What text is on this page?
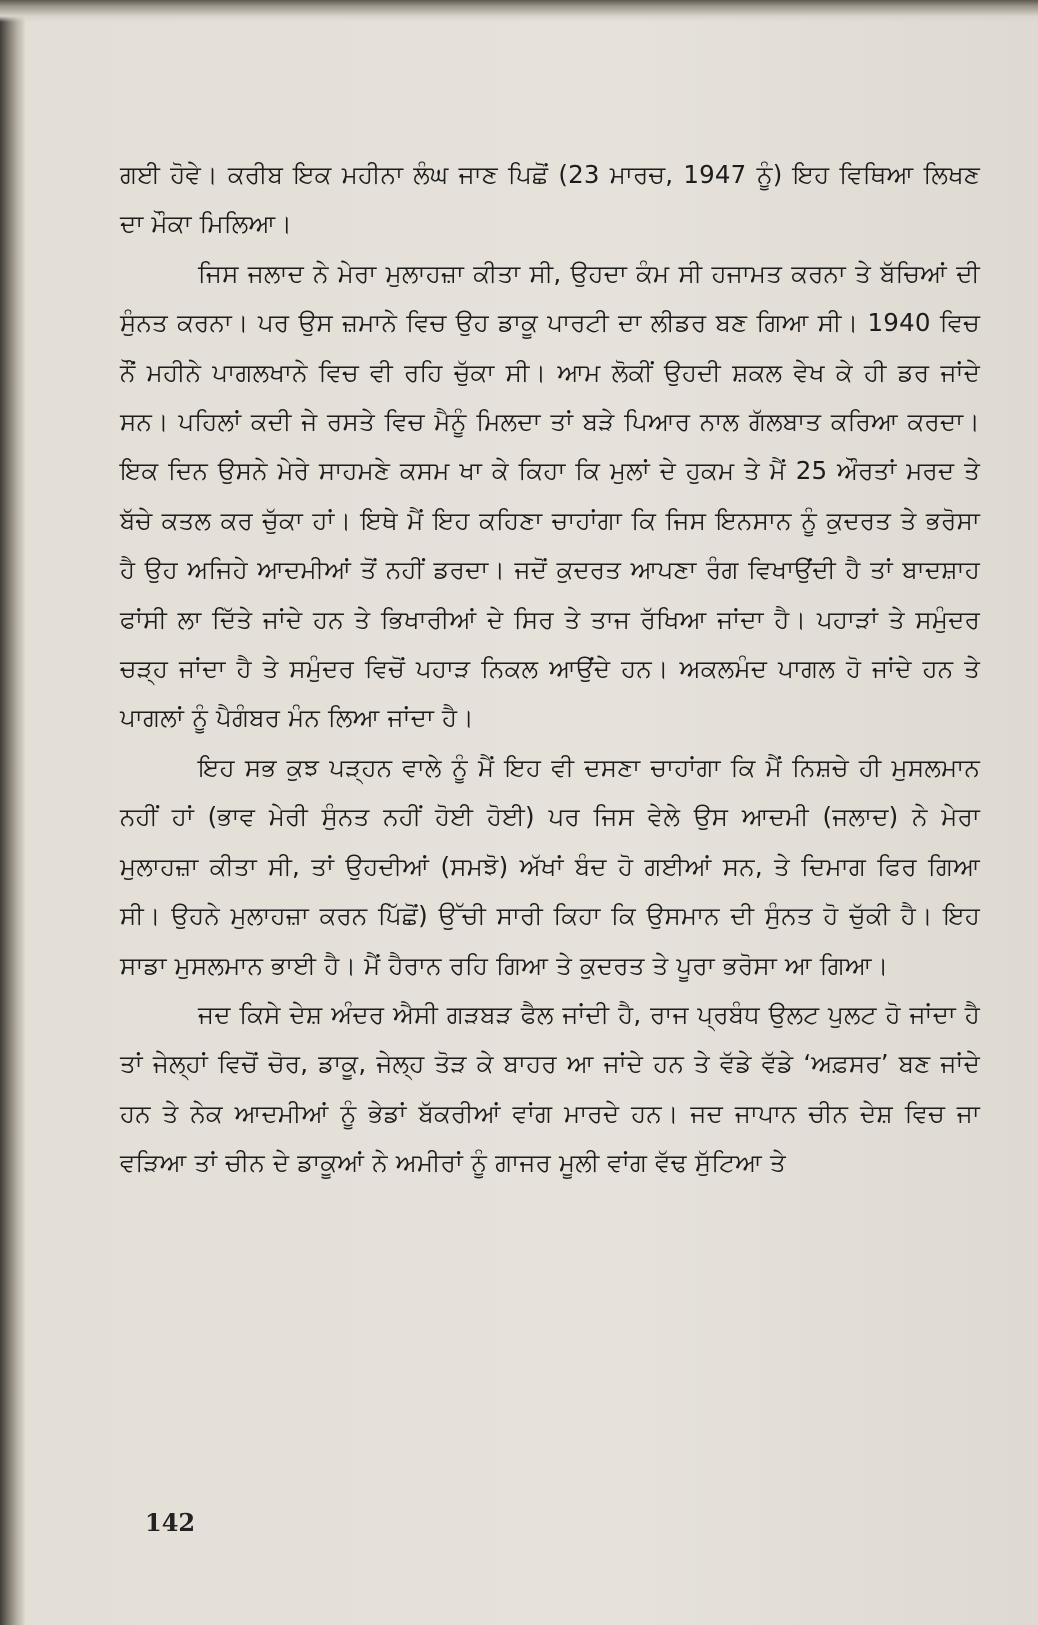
ਗਈ ਹੋਵੇ। ਕਰੀਬ ਇਕ ਮਹੀਨਾ ਲੰਘ ਜਾਣ ਪਿਛੋਂ (23 ਮਾਰਚ, 1947 ਨੂੰ) ਇਹ ਵਿਥਿਆ ਲਿਖਣ ਦਾ ਮੌਕਾ ਮਿਲਿਆ।

ਜਿਸ ਜਲਾਦ ਨੇ ਮੇਰਾ ਮੁਲਾਹਜ਼ਾ ਕੀਤਾ ਸੀ, ਉਹਦਾ ਕੰਮ ਸੀ ਹਜਾਮਤ ਕਰਨਾ ਤੇ ਬੱਚਿਆਂ ਦੀ ਸੁੰਨਤ ਕਰਨਾ। ਪਰ ਉਸ ਜ਼ਮਾਨੇ ਵਿਚ ਉਹ ਡਾਕੂ ਪਾਰਟੀ ਦਾ ਲੀਡਰ ਬਣ ਗਿਆ ਸੀ। 1940 ਵਿਚ ਨੌਂ ਮਹੀਨੇ ਪਾਗਲਖਾਨੇ ਵਿਚ ਵੀ ਰਹਿ ਚੁੱਕਾ ਸੀ। ਆਮ ਲੋਕੀਂ ਉਹਦੀ ਸ਼ਕਲ ਵੇਖ ਕੇ ਹੀ ਡਰ ਜਾਂਦੇ ਸਨ। ਪਹਿਲਾਂ ਕਦੀ ਜੇ ਰਸਤੇ ਵਿਚ ਮੈਨੂੰ ਮਿਲਦਾ ਤਾਂ ਬੜੇ ਪਿਆਰ ਨਾਲ ਗੱਲਬਾਤ ਕਰਿਆ ਕਰਦਾ। ਇਕ ਦਿਨ ਉਸਨੇ ਮੇਰੇ ਸਾਹਮਣੇ ਕਸਮ ਖਾ ਕੇ ਕਿਹਾ ਕਿ ਮੁਲਾਂ ਦੇ ਹੁਕਮ ਤੇ ਮੈਂ 25 ਔਰਤਾਂ ਮਰਦ ਤੇ ਬੱਚੇ ਕਤਲ ਕਰ ਚੁੱਕਾ ਹਾਂ। ਇਥੇ ਮੈਂ ਇਹ ਕਹਿਣਾ ਚਾਹਾਂਗਾ ਕਿ ਜਿਸ ਇਨਸਾਨ ਨੂੰ ਕੁਦਰਤ ਤੇ ਭਰੋਸਾ ਹੈ ਉਹ ਅਜਿਹੇ ਆਦਮੀਆਂ ਤੋਂ ਨਹੀਂ ਡਰਦਾ। ਜਦੋਂ ਕੁਦਰਤ ਆਪਣਾ ਰੰਗ ਵਿਖਾਉਂਦੀ ਹੈ ਤਾਂ ਬਾਦਸ਼ਾਹ ਫਾਂਸੀ ਲਾ ਦਿੱਤੇ ਜਾਂਦੇ ਹਨ ਤੇ ਭਿਖਾਰੀਆਂ ਦੇ ਸਿਰ ਤੇ ਤਾਜ ਰੱਖਿਆ ਜਾਂਦਾ ਹੈ। ਪਹਾੜਾਂ ਤੇ ਸਮੁੰਦਰ ਚੜ੍ਹ ਜਾਂਦਾ ਹੈ ਤੇ ਸਮੁੰਦਰ ਵਿਚੋਂ ਪਹਾੜ ਨਿਕਲ ਆਉਂਦੇ ਹਨ। ਅਕਲਮੰਦ ਪਾਗਲ ਹੋ ਜਾਂਦੇ ਹਨ ਤੇ ਪਾਗਲਾਂ ਨੂੰ ਪੈਗੰਬਰ ਮੰਨ ਲਿਆ ਜਾਂਦਾ ਹੈ।

ਇਹ ਸਭ ਕੁਝ ਪੜ੍ਹਨ ਵਾਲੇ ਨੂੰ ਮੈਂ ਇਹ ਵੀ ਦਸਣਾ ਚਾਹਾਂਗਾ ਕਿ ਮੈਂ ਨਿਸ਼ਚੇ ਹੀ ਮੁਸਲਮਾਨ ਨਹੀਂ ਹਾਂ (ਭਾਵ ਮੇਰੀ ਸੁੰਨਤ ਨਹੀਂ ਹੋਈ ਹੋਈ) ਪਰ ਜਿਸ ਵੇਲੇ ਉਸ ਆਦਮੀ (ਜਲਾਦ) ਨੇ ਮੇਰਾ ਮੁਲਾਹਜ਼ਾ ਕੀਤਾ ਸੀ, ਤਾਂ ਉਹਦੀਆਂ (ਸਮਝੋ) ਅੱਖਾਂ ਬੰਦ ਹੋ ਗਈਆਂ ਸਨ, ਤੇ ਦਿਮਾਗ ਫਿਰ ਗਿਆ ਸੀ। ਉਹਨੇ ਮੁਲਾਹਜ਼ਾ ਕਰਨ ਪਿੱਛੋਂ) ਉੱਚੀ ਸਾਰੀ ਕਿਹਾ ਕਿ ਉਸਮਾਨ ਦੀ ਸੁੰਨਤ ਹੋ ਚੁੱਕੀ ਹੈ। ਇਹ ਸਾਡਾ ਮੁਸਲਮਾਨ ਭਾਈ ਹੈ। ਮੈਂ ਹੈਰਾਨ ਰਹਿ ਗਿਆ ਤੇ ਕੁਦਰਤ ਤੇ ਪੂਰਾ ਭਰੋਸਾ ਆ ਗਿਆ।

ਜਦ ਕਿਸੇ ਦੇਸ਼ ਅੰਦਰ ਐਸੀ ਗੜਬੜ ਫੈਲ ਜਾਂਦੀ ਹੈ, ਰਾਜ ਪ੍ਰਬੰਧ ਉਲਟ ਪੁਲਟ ਹੋ ਜਾਂਦਾ ਹੈ ਤਾਂ ਜੇਲ੍ਹਾਂ ਵਿਚੋਂ ਚੋਰ, ਡਾਕੂ, ਜੇਲ੍ਹ ਤੋੜ ਕੇ ਬਾਹਰ ਆ ਜਾਂਦੇ ਹਨ ਤੇ ਵੱਡੇ ਵੱਡੇ ‘ਅਫ਼ਸਰ’ ਬਣ ਜਾਂਦੇ ਹਨ ਤੇ ਨੇਕ ਆਦਮੀਆਂ ਨੂੰ ਭੇਡਾਂ ਬੱਕਰੀਆਂ ਵਾਂਗ ਮਾਰਦੇ ਹਨ। ਜਦ ਜਾਪਾਨ ਚੀਨ ਦੇਸ਼ ਵਿਚ ਜਾ ਵੜਿਆ ਤਾਂ ਚੀਨ ਦੇ ਡਾਕੂਆਂ ਨੇ ਅਮੀਰਾਂ ਨੂੰ ਗਾਜਰ ਮੂਲੀ ਵਾਂਗ ਵੱਢ ਸੁੱਟਿਆ ਤੇ

142
